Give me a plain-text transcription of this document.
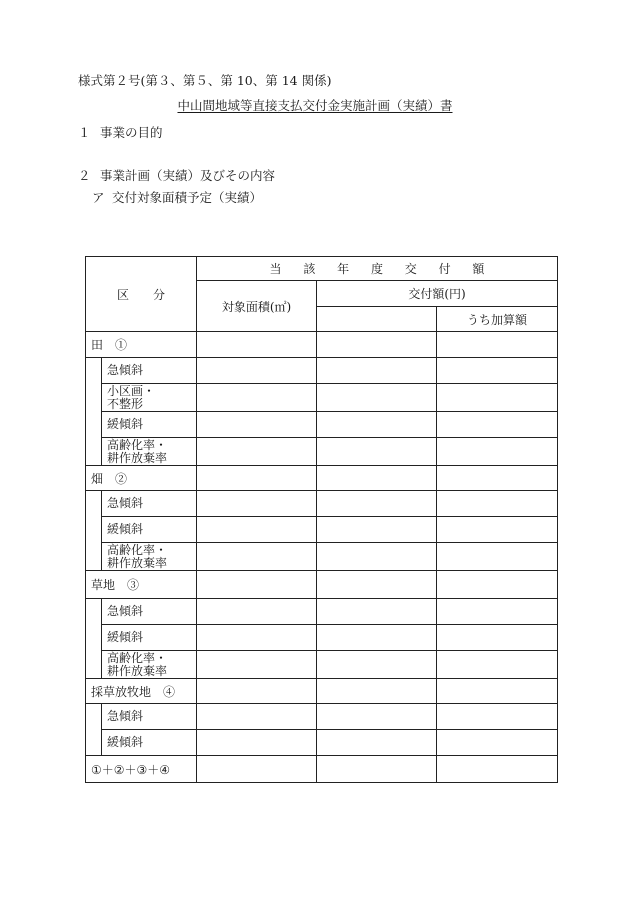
様式第２号(第３、第５、第 10、第 14 関係)
中山間地域等直接支払交付金実施計画（実績）書
１ 事業の目的
２ 事業計画（実績）及びその内容
ア 交付対象面積予定（実績）
区　　分		当 該 年 度 交 付 額		
		対象面積(㎡)	交付額(円)	
				うち加算額
田　①				
	急傾斜			
	小区画・
不整形			
	緩傾斜			
	高齢化率・
耕作放棄率			
畑　②				
	急傾斜			
	緩傾斜			
	高齢化率・
耕作放棄率			
草地　③				
	急傾斜			
	緩傾斜			
	高齢化率・
耕作放棄率			
採草放牧地　④				
	急傾斜			
	緩傾斜			
①＋②＋③＋④				
